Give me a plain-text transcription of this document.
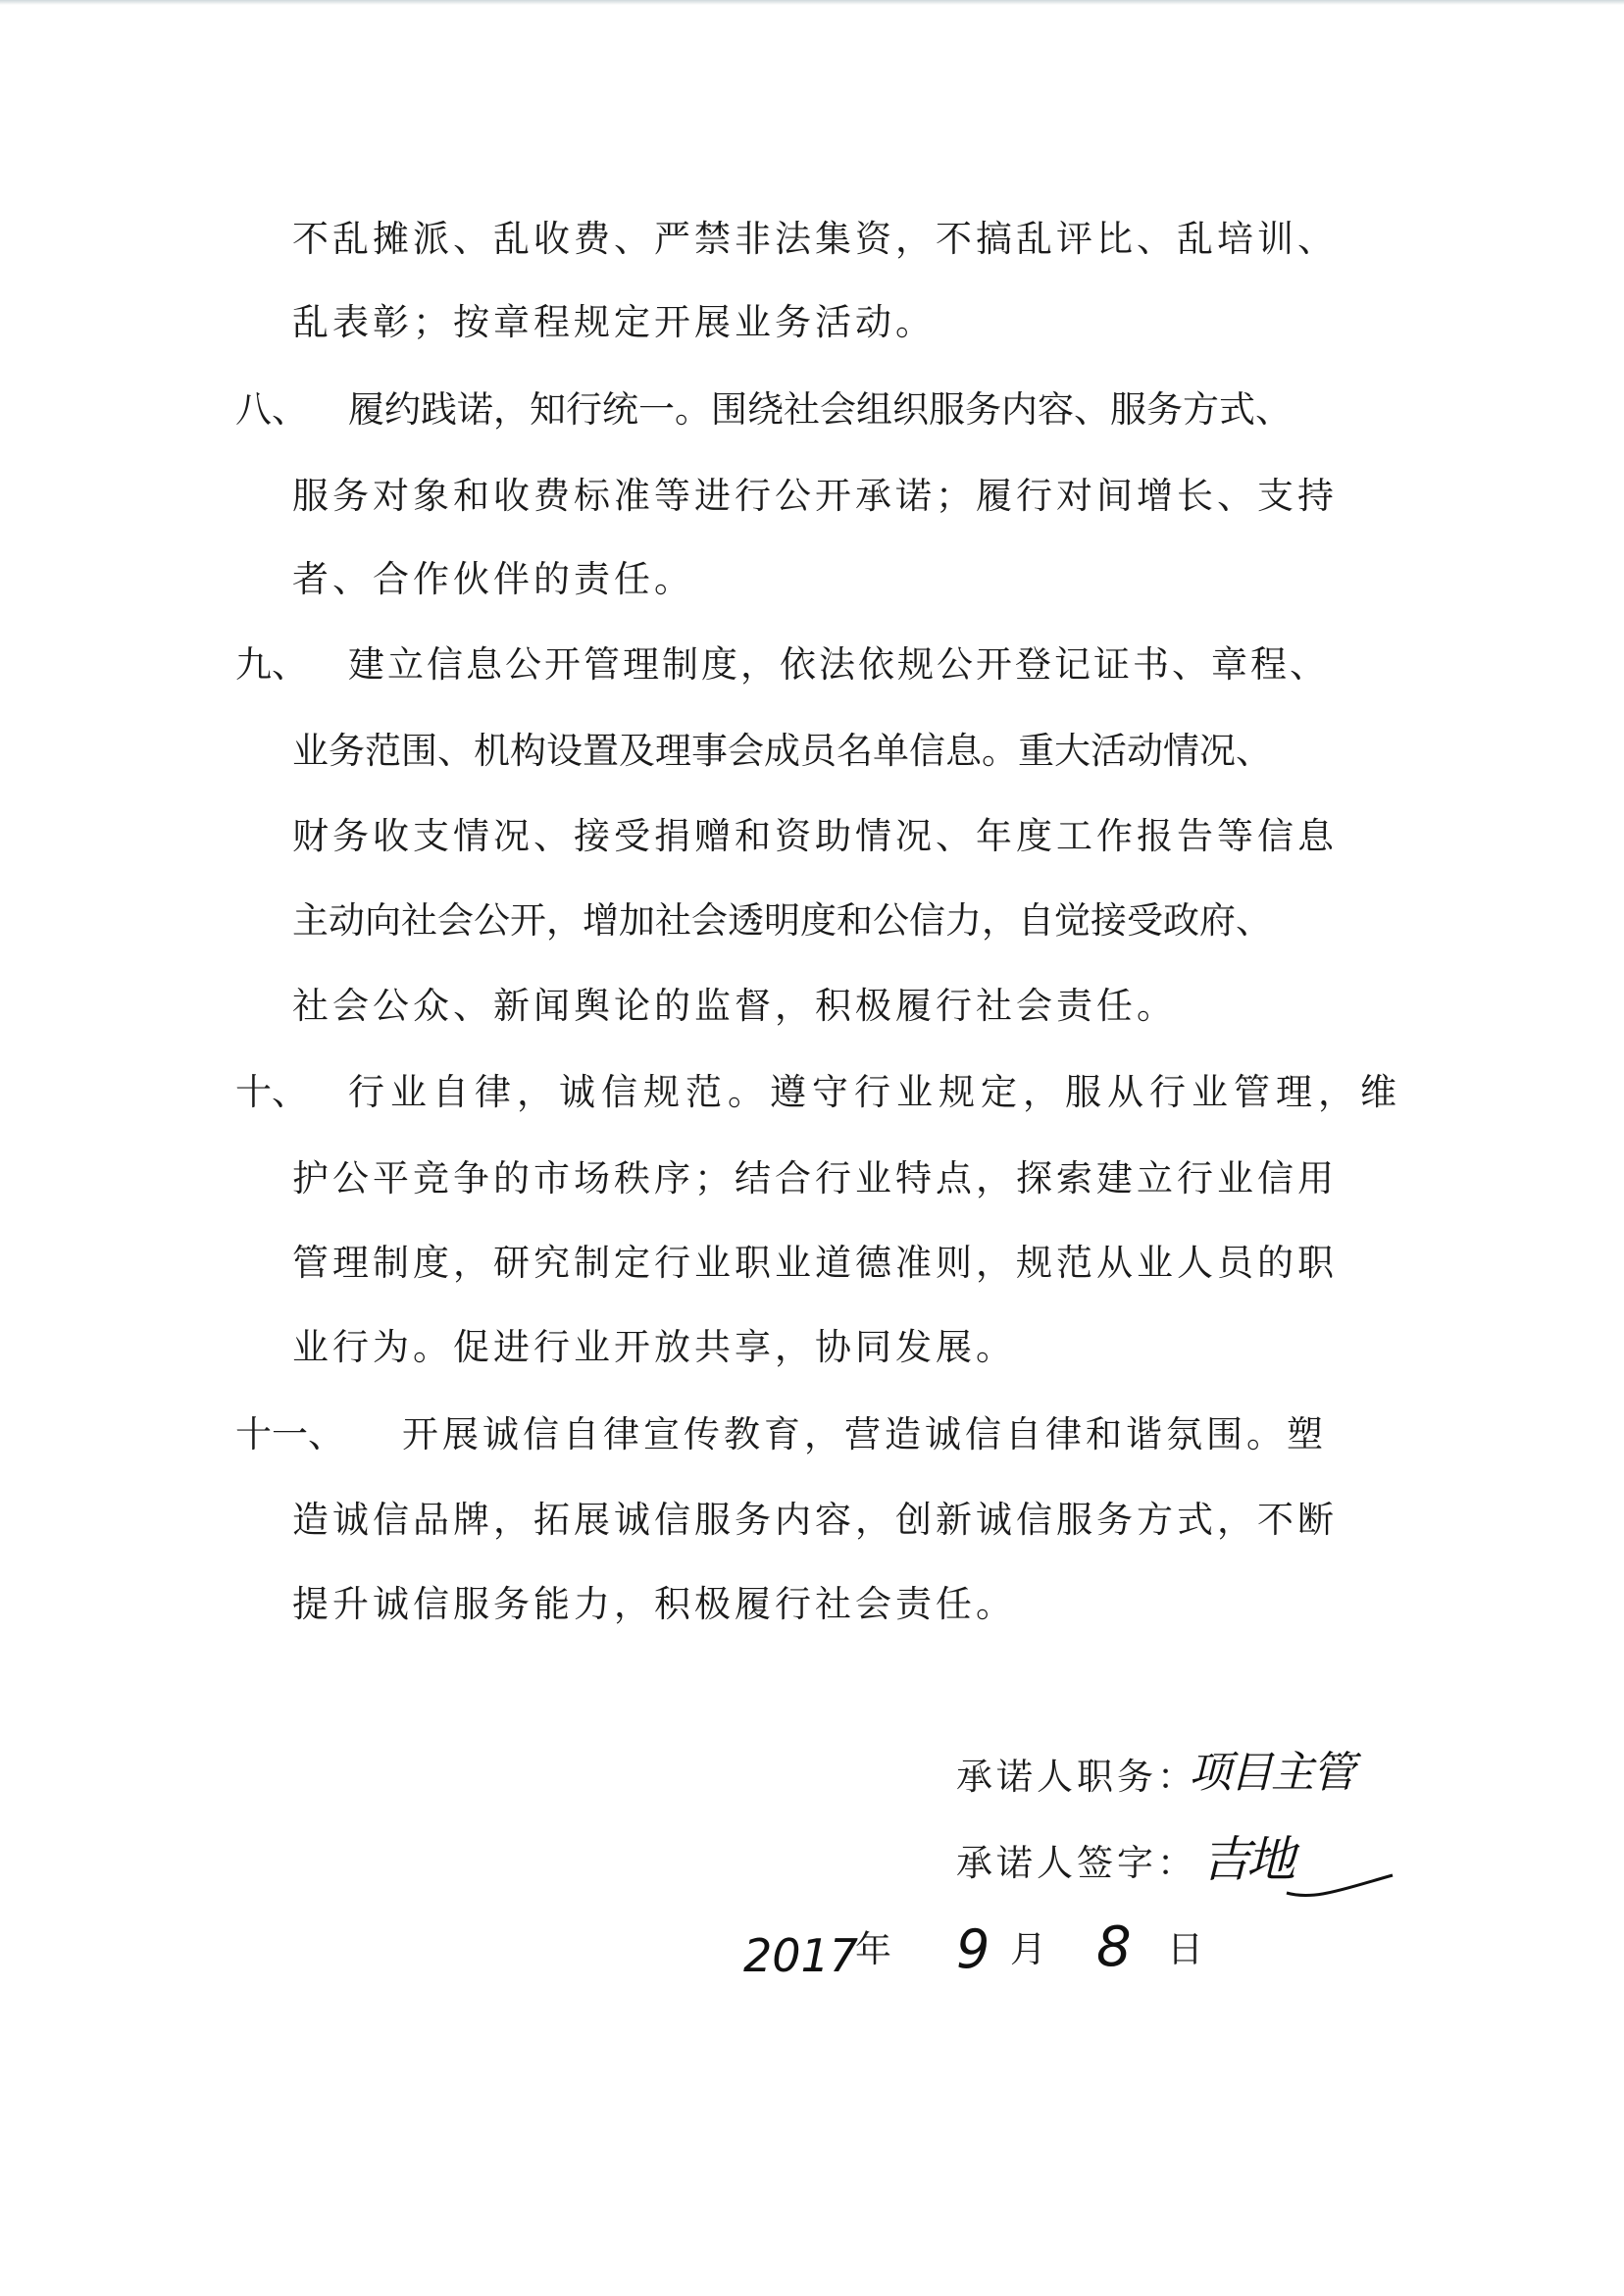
不乱摊派、乱收费、严禁非法集资，不搞乱评比、乱培训、
乱表彰；按章程规定开展业务活动。
八、 履约践诺，知行统一。围绕社会组织服务内容、服务方式、
服务对象和收费标准等进行公开承诺；履行对间增长、支持
者、合作伙伴的责任。
九、 建立信息公开管理制度，依法依规公开登记证书、章程、
业务范围、机构设置及理事会成员名单信息。重大活动情况、
财务收支情况、接受捐赠和资助情况、年度工作报告等信息
主动向社会公开，增加社会透明度和公信力，自觉接受政府、
社会公众、新闻舆论的监督，积极履行社会责任。
十、 行业自律，诚信规范。遵守行业规定，服从行业管理，维
护公平竞争的市场秩序；结合行业特点，探索建立行业信用
管理制度，研究制定行业职业道德准则，规范从业人员的职
业行为。促进行业开放共享，协同发展。
十一、 开展诚信自律宣传教育，营造诚信自律和谐氛围。塑
造诚信品牌，拓展诚信服务内容，创新诚信服务方式，不断
提升诚信服务能力，积极履行社会责任。
承诺人职务：
项目主管
承诺人签字： 吉地
2017
年 9 月 8 日
